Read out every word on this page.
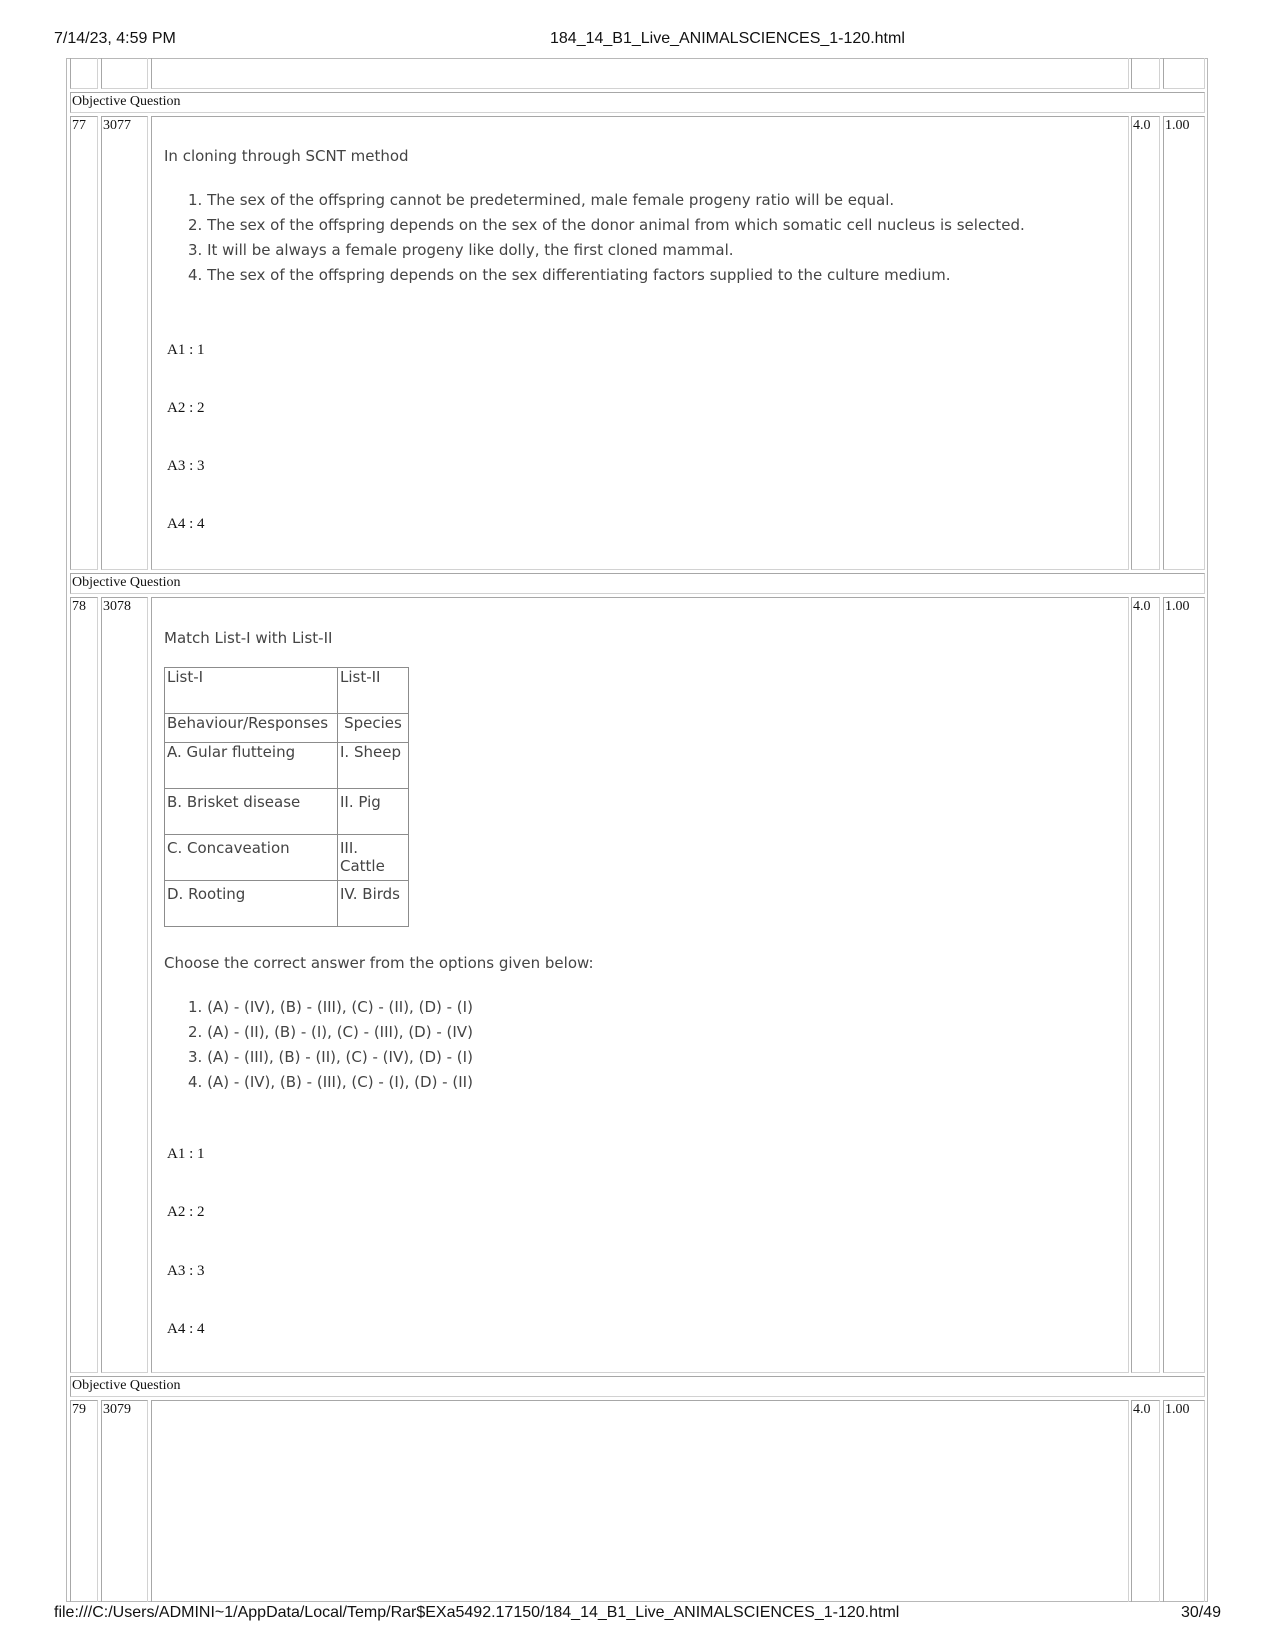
7/14/23, 4:59 PM	184_14_B1_Live_ANIMALSCIENCES_1-120.html
Objective Question
77 3077	4.0 1.00
In cloning through SCNT method
1. The sex of the offspring cannot be predetermined, male female progeny ratio will be equal.
2. The sex of the offspring depends on the sex of the donor animal from which somatic cell nucleus is selected.
3. It will be always a female progeny like dolly, the first cloned mammal.
4. The sex of the offspring depends on the sex differentiating factors supplied to the culture medium.
A1 : 1
A2 : 2
A3 : 3
A4 : 4
Objective Question
78 3078	4.0 1.00
Match List-I with List-II
List-I	List-II
Behaviour/Responses	Species
A. Gular flutteing	I. Sheep
B. Brisket disease	II. Pig
C. Concaveation	III. Cattle
D. Rooting	IV. Birds
Choose the correct answer from the options given below:
1. (A) - (IV), (B) - (III), (C) - (II), (D) - (I)
2. (A) - (II), (B) - (I), (C) - (III), (D) - (IV)
3. (A) - (III), (B) - (II), (C) - (IV), (D) - (I)
4. (A) - (IV), (B) - (III), (C) - (I), (D) - (II)
A1 : 1
A2 : 2
A3 : 3
A4 : 4
Objective Question
79 3079	4.0 1.00
file:///C:/Users/ADMINI~1/AppData/Local/Temp/Rar$EXa5492.17150/184_14_B1_Live_ANIMALSCIENCES_1-120.html	30/49
